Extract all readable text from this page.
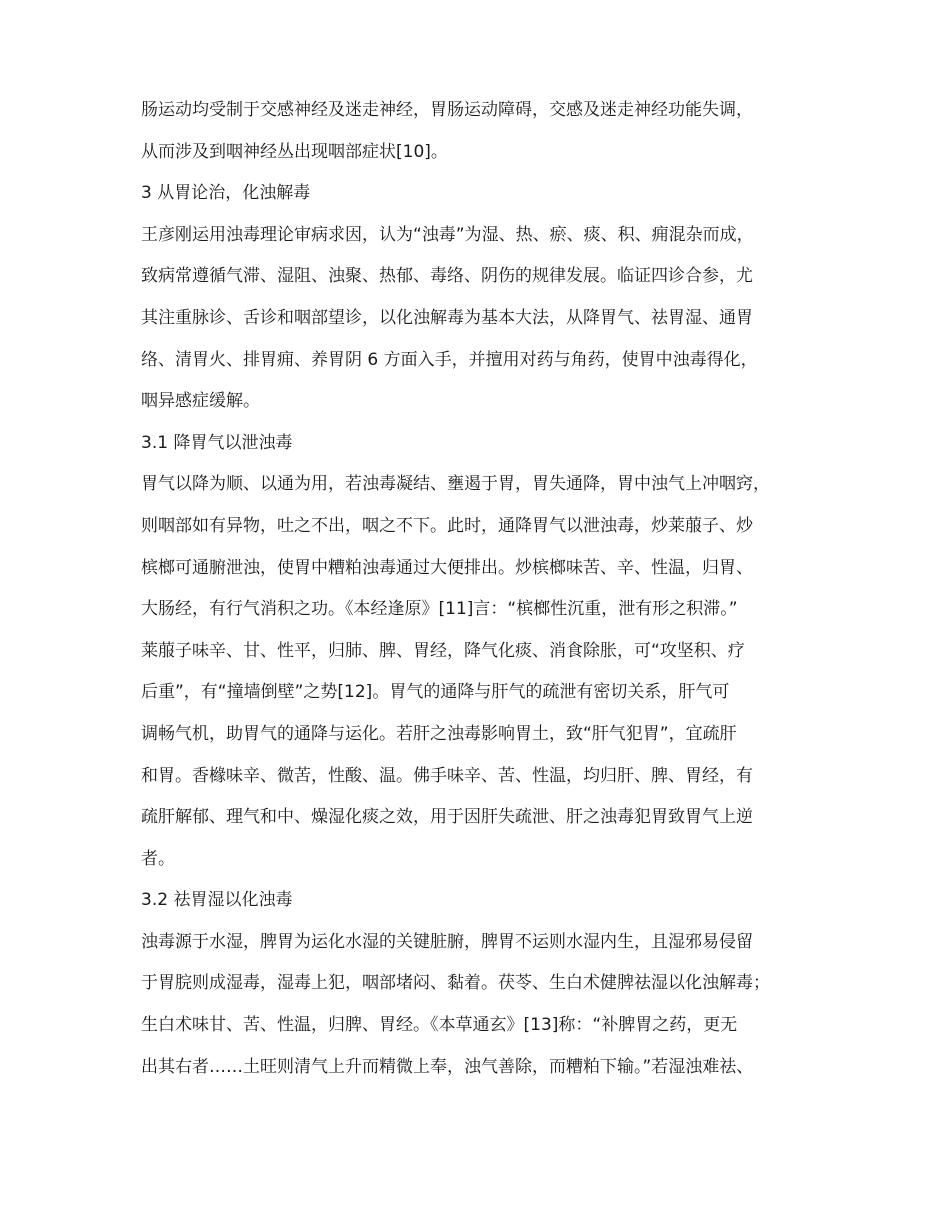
肠运动均受制于交感神经及迷走神经，胃肠运动障碍，交感及迷走神经功能失调，
从而涉及到咽神经丛出现咽部症状[10]。
3 从胃论治，化浊解毒
王彦刚运用浊毒理论审病求因，认为“浊毒”为湿、热、瘀、痰、积、痈混杂而成，
致病常遵循气滞、湿阻、浊聚、热郁、毒络、阴伤的规律发展。临证四诊合参，尤
其注重脉诊、舌诊和咽部望诊，以化浊解毒为基本大法，从降胃气、祛胃湿、通胃
络、清胃火、排胃痈、养胃阴 6 方面入手，并擅用对药与角药，使胃中浊毒得化，
咽异感症缓解。
3.1 降胃气以泄浊毒
胃气以降为顺、以通为用，若浊毒凝结、壅遏于胃，胃失通降，胃中浊气上冲咽窍，
则咽部如有异物，吐之不出，咽之不下。此时，通降胃气以泄浊毒，炒莱菔子、炒
槟榔可通腑泄浊，使胃中糟粕浊毒通过大便排出。炒槟榔味苦、辛、性温，归胃、
大肠经，有行气消积之功。《本经逢原》[11]言：“槟榔性沉重，泄有形之积滞。”
莱菔子味辛、甘、性平，归肺、脾、胃经，降气化痰、消食除胀，可“攻坚积、疗
后重”，有“撞墙倒壁”之势[12]。胃气的通降与肝气的疏泄有密切关系，肝气可
调畅气机，助胃气的通降与运化。若肝之浊毒影响胃土，致“肝气犯胃”，宜疏肝
和胃。香橼味辛、微苦，性酸、温。佛手味辛、苦、性温，均归肝、脾、胃经，有
疏肝解郁、理气和中、燥湿化痰之效，用于因肝失疏泄、肝之浊毒犯胃致胃气上逆
者。
3.2 祛胃湿以化浊毒
浊毒源于水湿，脾胃为运化水湿的关键脏腑，脾胃不运则水湿内生，且湿邪易侵留
于胃脘则成湿毒，湿毒上犯，咽部堵闷、黏着。茯苓、生白术健脾祛湿以化浊解毒；
生白术味甘、苦、性温，归脾、胃经。《本草通玄》[13]称：“补脾胃之药，更无
出其右者……土旺则清气上升而精微上奉，浊气善除，而糟粕下输。”若湿浊难祛、
